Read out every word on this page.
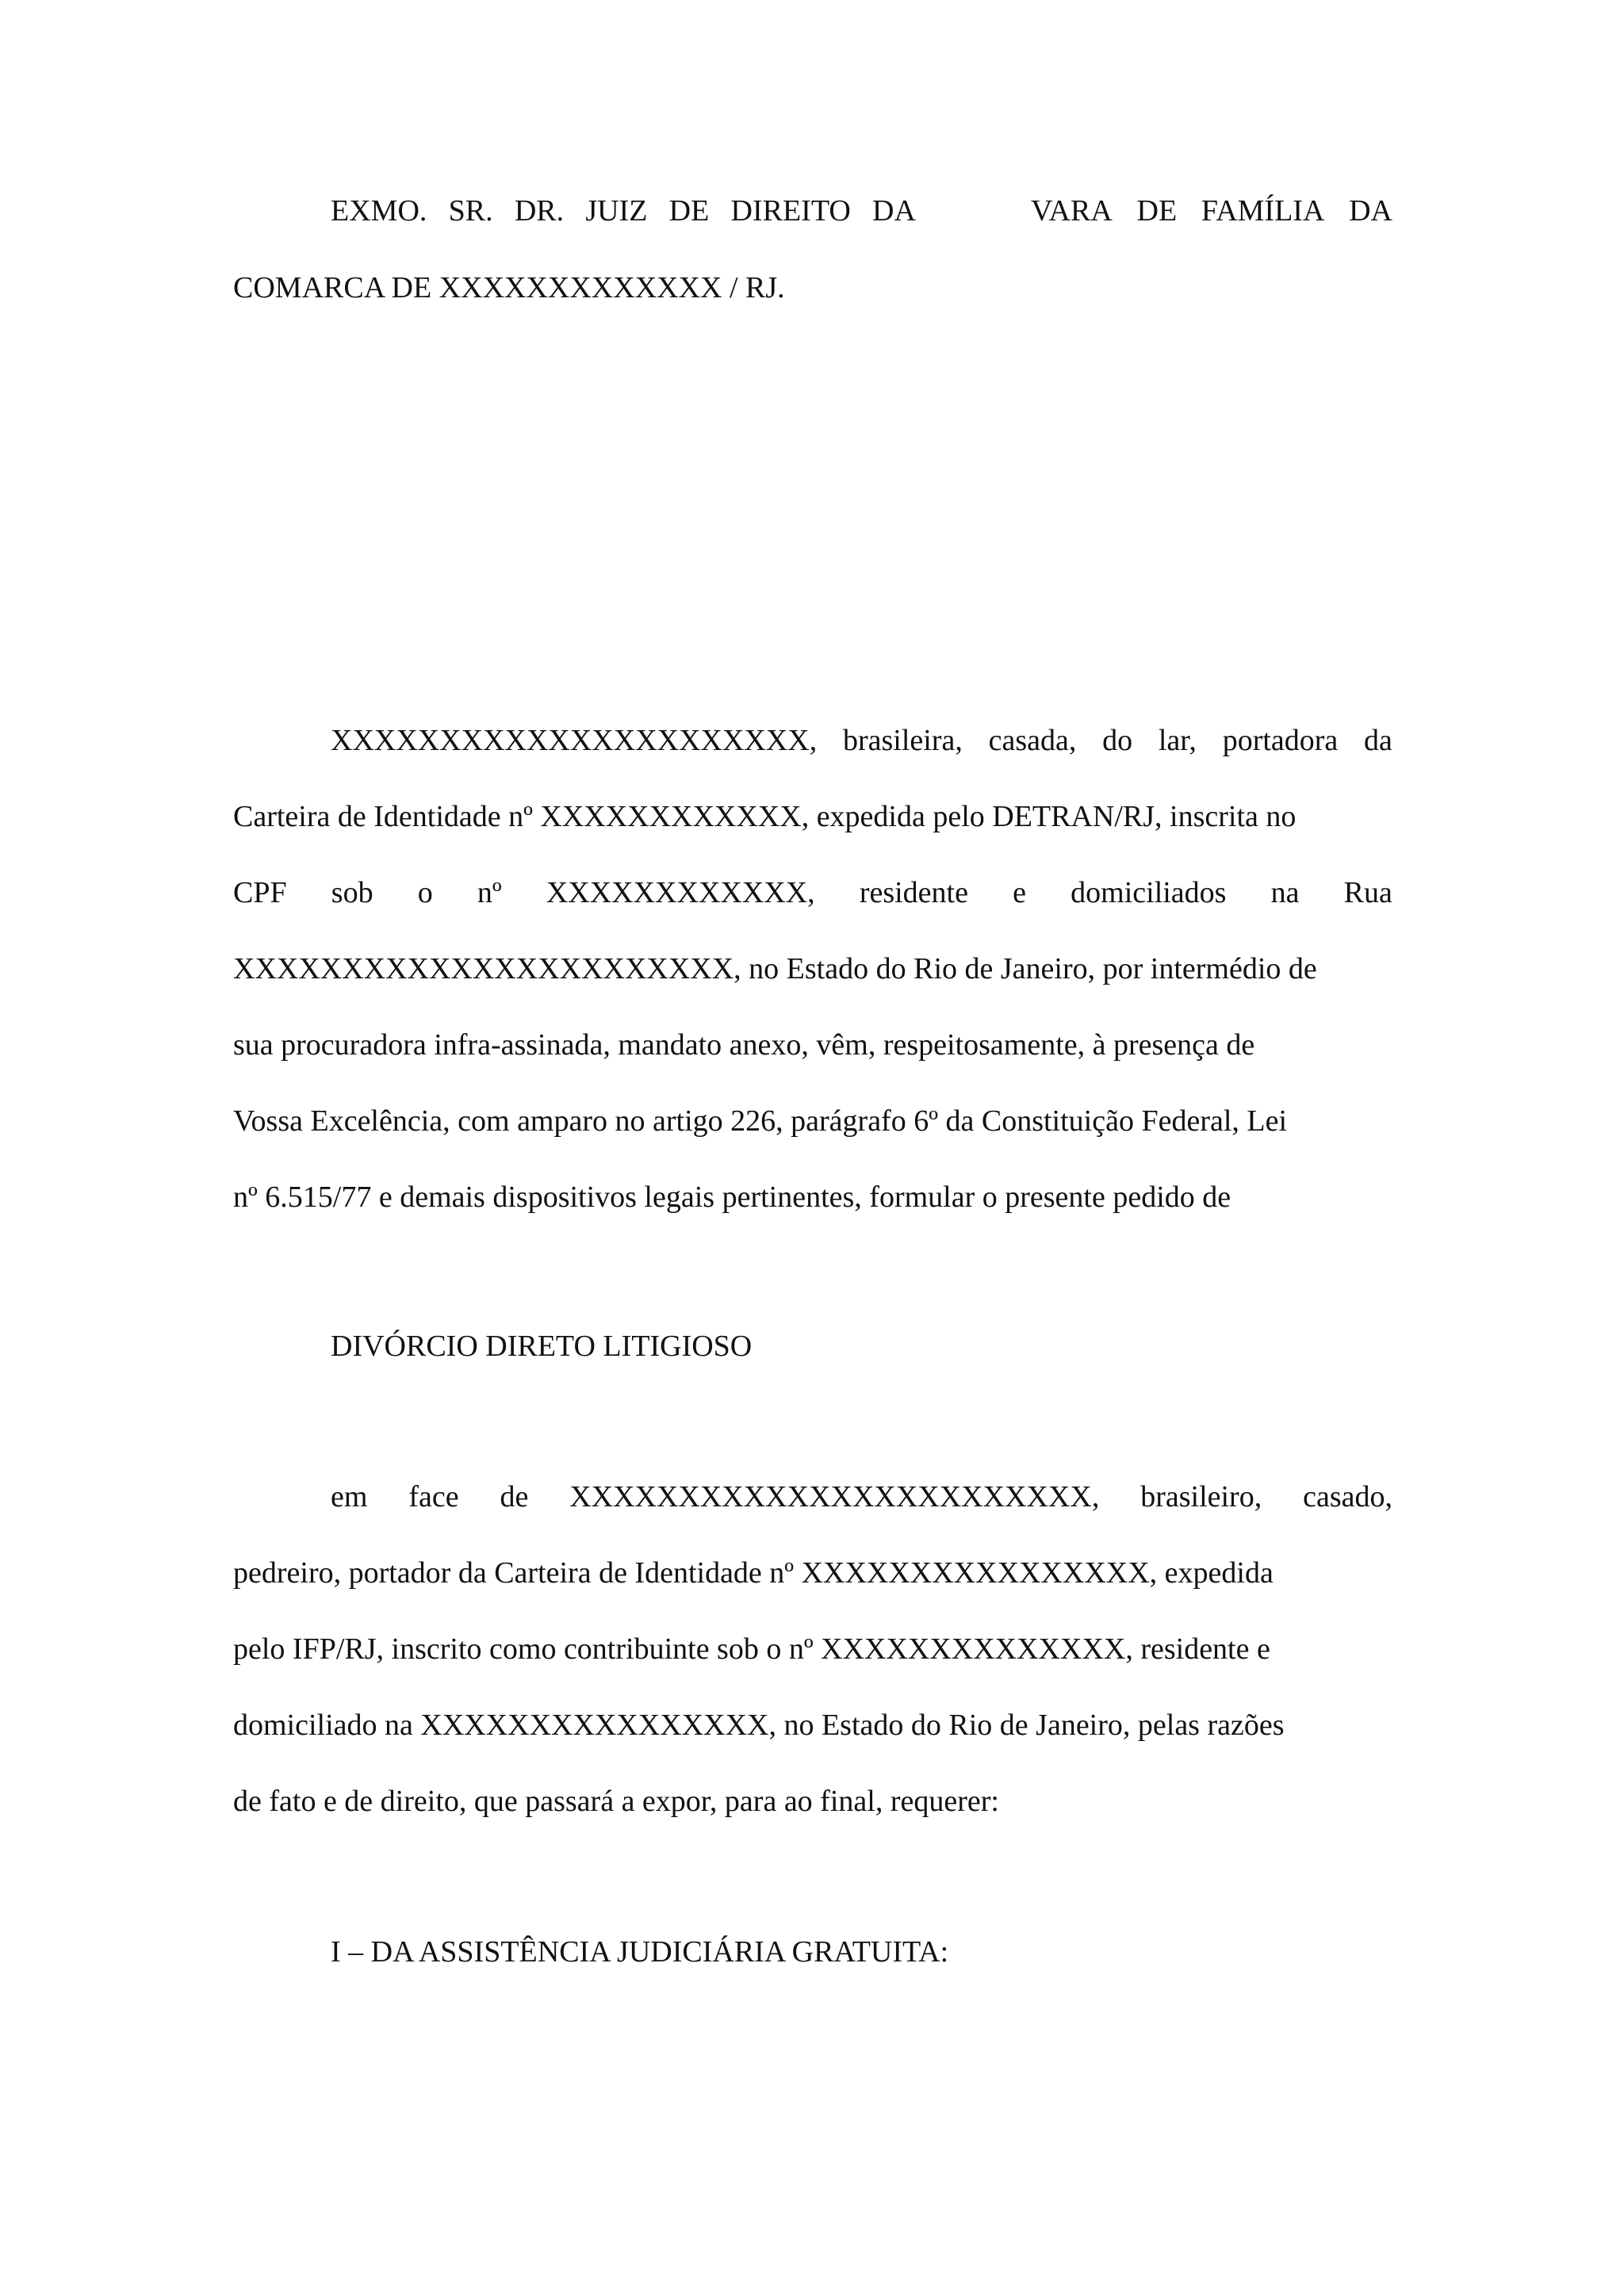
EXMO. SR. DR. JUIZ DE DIREITO DA	VARA DE FAMÍLIA DA
COMARCA DE XXXXXXXXXXXXX / RJ.
XXXXXXXXXXXXXXXXXXXXXX, brasileira, casada, do lar, portadora da
Carteira de Identidade nº XXXXXXXXXXXX, expedida pelo DETRAN/RJ, inscrita no
CPF sob o nº XXXXXXXXXXXX, residente e domiciliados na Rua
XXXXXXXXXXXXXXXXXXXXXXX, no Estado do Rio de Janeiro, por intermédio de
sua procuradora infra-assinada, mandato anexo, vêm, respeitosamente, à presença de
Vossa Excelência, com amparo no artigo 226, parágrafo 6º da Constituição Federal, Lei
nº 6.515/77 e demais dispositivos legais pertinentes, formular o presente pedido de
DIVÓRCIO DIRETO LITIGIOSO
em face de XXXXXXXXXXXXXXXXXXXXXXXX, brasileiro, casado,
pedreiro, portador da Carteira de Identidade nº XXXXXXXXXXXXXXXX, expedida
pelo IFP/RJ, inscrito como contribuinte sob o nº XXXXXXXXXXXXXX, residente e
domiciliado na XXXXXXXXXXXXXXXX, no Estado do Rio de Janeiro, pelas razões
de fato e de direito, que passará a expor, para ao final, requerer:
I – DA ASSISTÊNCIA JUDICIÁRIA GRATUITA:
